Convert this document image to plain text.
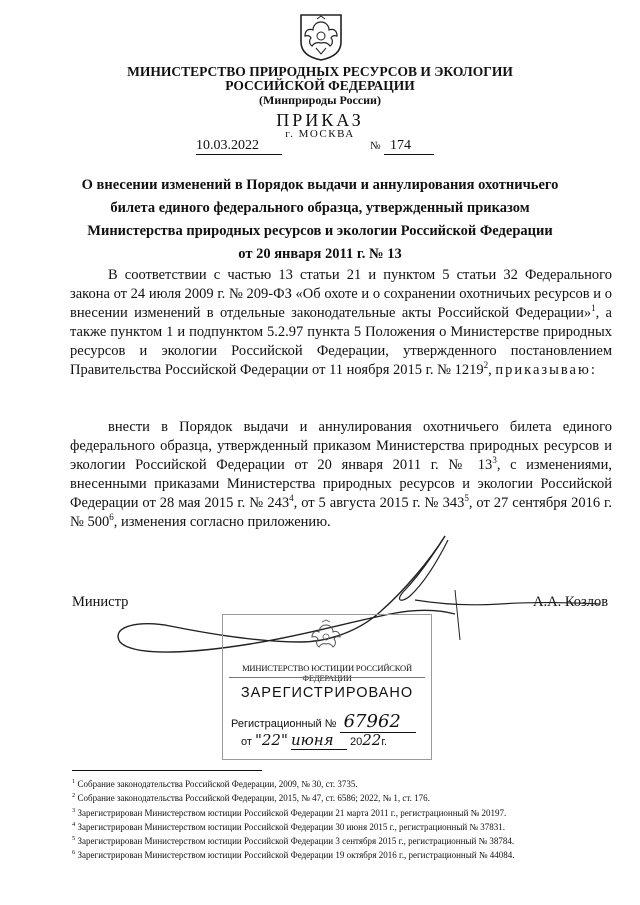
МИНИСТЕРСТВО ПРИРОДНЫХ РЕСУРСОВ И ЭКОЛОГИИ
РОССИЙСКОЙ ФЕДЕРАЦИИ
(Минприроды России)
ПРИКАЗ
г. МОСКВА
10.03.2022	№ 174
О внесении изменений в Порядок выдачи и аннулирования охотничьего
билета единого федерального образца, утвержденный приказом
Министерства природных ресурсов и экологии Российской Федерации
от 20 января 2011 г. № 13
В соответствии с частью 13 статьи 21 и пунктом 5 статьи 32 Федерального закона от 24 июля 2009 г. № 209-ФЗ «Об охоте и о сохранении охотничьих ресурсов и о внесении изменений в отдельные законодательные акты Российской Федерации»$^1$, а также пунктом 1 и подпунктом 5.2.97 пункта 5 Положения о Министерстве природных ресурсов и экологии Российской Федерации, утвержденного постановлением Правительства Российской Федерации от 11 ноября 2015 г. № 1219$^2$, приказываю:
внести в Порядок выдачи и аннулирования охотничьего билета единого федерального образца, утвержденный приказом Министерства природных ресурсов и экологии Российской Федерации от 20 января 2011 г. № $13^3$, с изменениями, внесенными приказами Министерства природных ресурсов и экологии Российской Федерации от 28 мая 2015 г. № $243^4$, от 5 августа 2015 г. № $343^5$, от 27 сентября 2016 г. № $500^6$, изменения согласно приложению.
Министр	А.А. Козлов
МИНИСТЕРСТВО ЮСТИЦИИ РОССИЙСКОЙ ФЕДЕРАЦИИ
ЗАРЕГИСТРИРОВАНО
Регистрационный № 67962
от "22" июня 2022г.
$^1$ Собрание законодательства Российской Федерации, 2009, № 30, ст. 3735.
$^2$ Собрание законодательства Российской Федерации, 2015, № 47, ст. 6586; 2022, № 1, ст. 176.
$^3$ Зарегистрирован Министерством юстиции Российской Федерации 21 марта 2011 г., регистрационный № 20197.
$^4$ Зарегистрирован Министерством юстиции Российской Федерации 30 июня 2015 г., регистрационный № 37831.
$^5$ Зарегистрирован Министерством юстиции Российской Федерации 3 сентября 2015 г., регистрационный № 38784.
$^6$ Зарегистрирован Министерством юстиции Российской Федерации 19 октября 2016 г., регистрационный № 44084.
